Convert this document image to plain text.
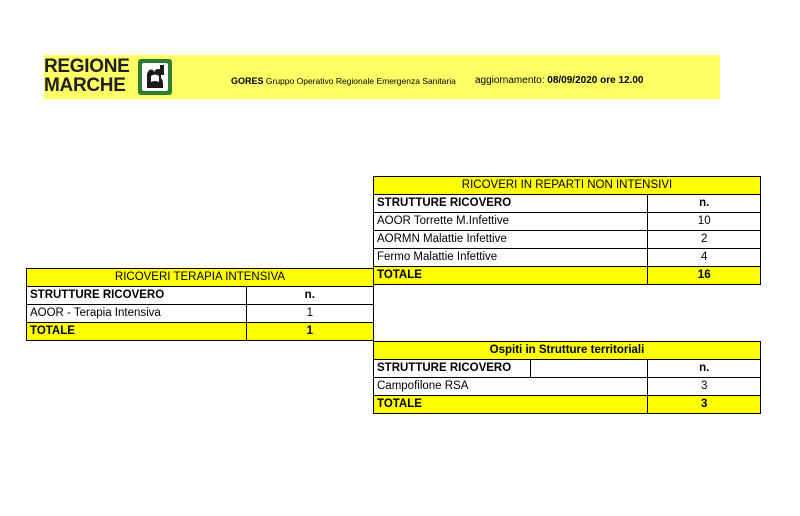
REGIONE
MARCHE	GORES Gruppo Operativo Regionale Emergenza Sanitaria aggiornamento: 08/09/2020 ore 12.00
RICOVERI IN REPARTI NON INTENSIVI	
STRUTTURE RICOVERO	n.
AOOR Torrette M.Infettive	10
AORMN Malattie Infettive	2
Fermo Malattie Infettive	4
TOTALE	16
RICOVERI TERAPIA INTENSIVA	
STRUTTURE RICOVERO	n.
AOOR - Terapia Intensiva	1
TOTALE	1
Ospiti in Strutture territoriali		
STRUTTURE RICOVERO		n.
Campofilone RSA		3
TOTALE		3
